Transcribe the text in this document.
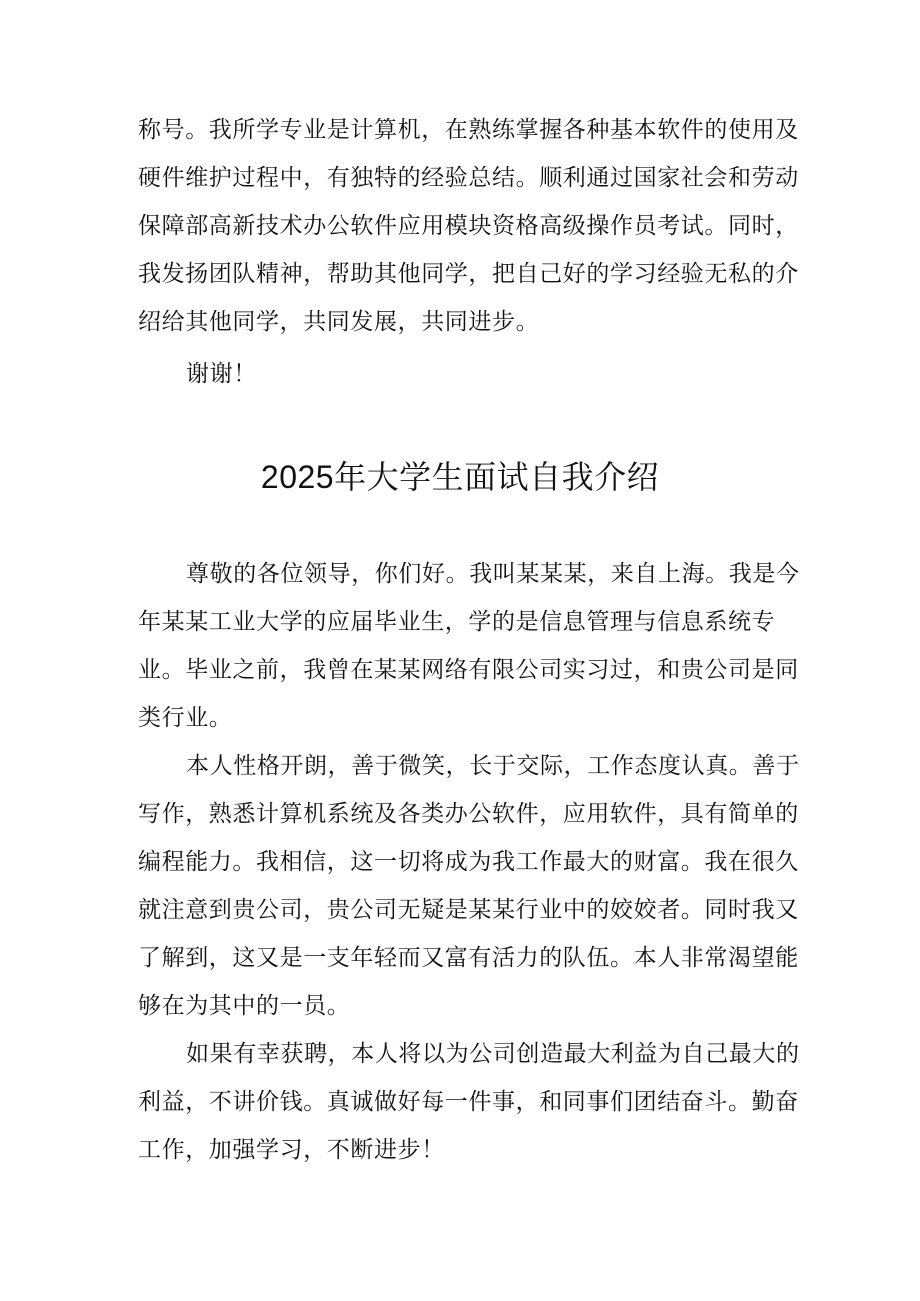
称号。我所学专业是计算机，在熟练掌握各种基本软件的使用及
硬件维护过程中，有独特的经验总结。顺利通过国家社会和劳动
保障部高新技术办公软件应用模块资格高级操作员考试。同时，
我发扬团队精神，帮助其他同学，把自己好的学习经验无私的介
绍给其他同学，共同发展，共同进步。
谢谢！
2025年大学生面试自我介绍
尊敬的各位领导，你们好。我叫某某某，来自上海。我是今
年某某工业大学的应届毕业生，学的是信息管理与信息系统专
业。毕业之前，我曾在某某网络有限公司实习过，和贵公司是同
类行业。
本人性格开朗，善于微笑，长于交际，工作态度认真。善于
写作，熟悉计算机系统及各类办公软件，应用软件，具有简单的
编程能力。我相信，这一切将成为我工作最大的财富。我在很久
就注意到贵公司，贵公司无疑是某某行业中的姣姣者。同时我又
了解到，这又是一支年轻而又富有活力的队伍。本人非常渴望能
够在为其中的一员。
如果有幸获聘，本人将以为公司创造最大利益为自己最大的
利益，不讲价钱。真诚做好每一件事，和同事们团结奋斗。勤奋
工作，加强学习，不断进步！
